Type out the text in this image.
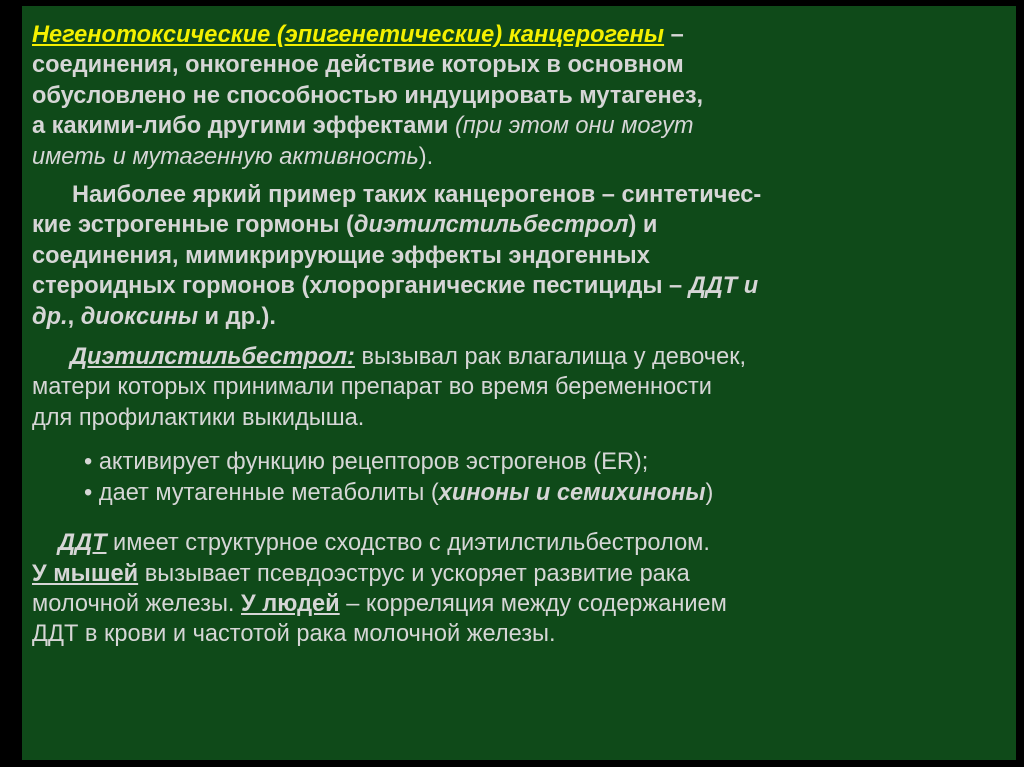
Негенотоксические (эпигенетические) канцерогены –
соединения, онкогенное действие которых в основном
обусловлено не способностью индуцировать мутагенез,
а какими-либо другими эффектами (при этом они могут
иметь и мутагенную активность).
Наиболее яркий пример таких канцерогенов – синтетичес-
кие эстрогенные гормоны (диэтилстильбестрол) и
соединения, мимикрирующие эффекты эндогенных
стероидных гормонов (хлорорганические пестициды – ДДТ и
др., диоксины и др.).
Диэтилстильбестрол: вызывал рак влагалища у девочек,
матери которых принимали препарат во время беременности
для профилактики выкидыша.
• активирует функцию рецепторов эстрогенов (ER);
• дает мутагенные метаболиты (хиноны и семихиноны)
ДДТ имеет структурное сходство с диэтилстильбестролом.
У мышей вызывает псевдоэструс и ускоряет развитие рака
молочной железы. У людей – корреляция между содержанием
ДДТ в крови и частотой рака молочной железы.
